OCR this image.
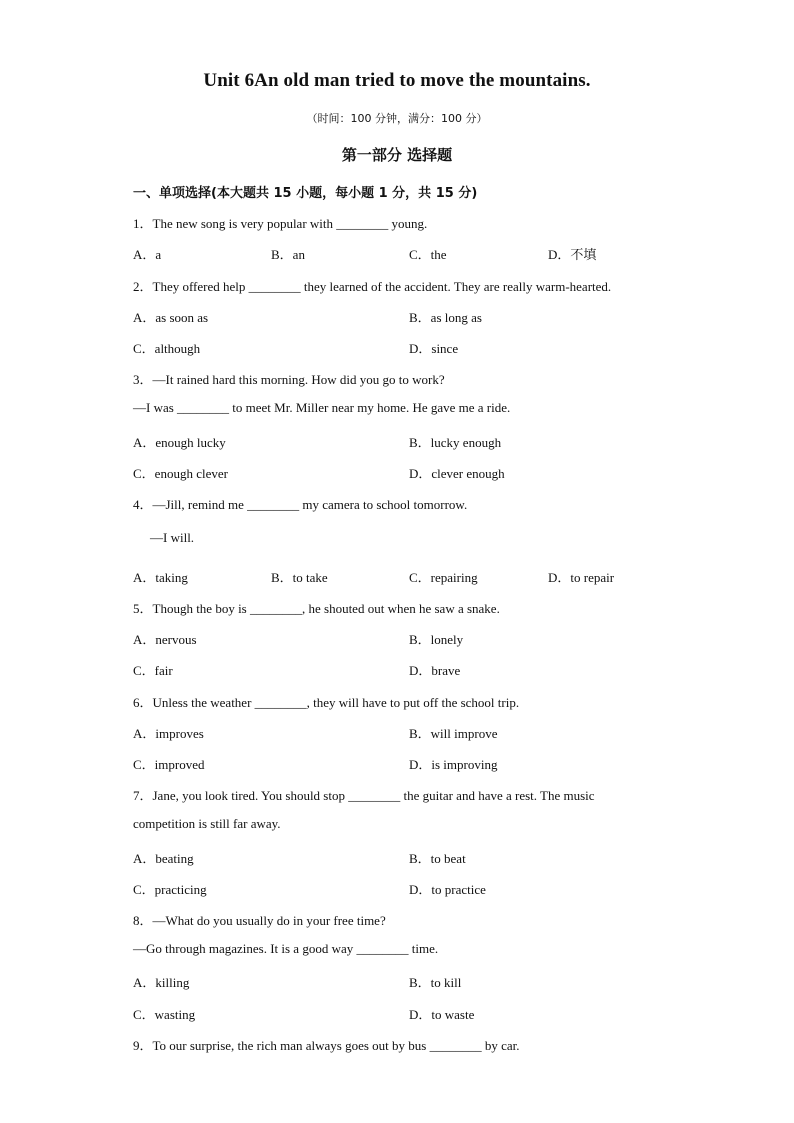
Unit 6An old man tried to move the mountains.
（时间：100 分钟，满分：100 分）
第一部分 选择题
一、单项选择(本大题共 15 小题，每小题 1 分，共 15 分)
1．The new song is very popular with ________ young.
A．a	B．an	C．the	D．不填
2．They offered help ________ they learned of the accident. They are really warm-hearted.
A．as soon as	B．as long as
C．although	D．since
3．—It rained hard this morning. How did you go to work?
—I was ________ to meet Mr. Miller near my home. He gave me a ride.
A．enough lucky	B．lucky enough
C．enough clever	D．clever enough
4．—Jill, remind me ________ my camera to school tomorrow.
—I will.
A．taking	B．to take	C．repairing	D．to repair
5．Though the boy is ________, he shouted out when he saw a snake.
A．nervous	B．lonely
C．fair	D．brave
6．Unless the weather ________, they will have to put off the school trip.
A．improves	B．will improve
C．improved	D．is improving
7．Jane, you look tired. You should stop ________ the guitar and have a rest. The music
competition is still far away.
A．beating	B．to beat
C．practicing	D．to practice
8．—What do you usually do in your free time?
—Go through magazines. It is a good way ________ time.
A．killing	B．to kill
C．wasting	D．to waste
9．To our surprise, the rich man always goes out by bus ________ by car.
